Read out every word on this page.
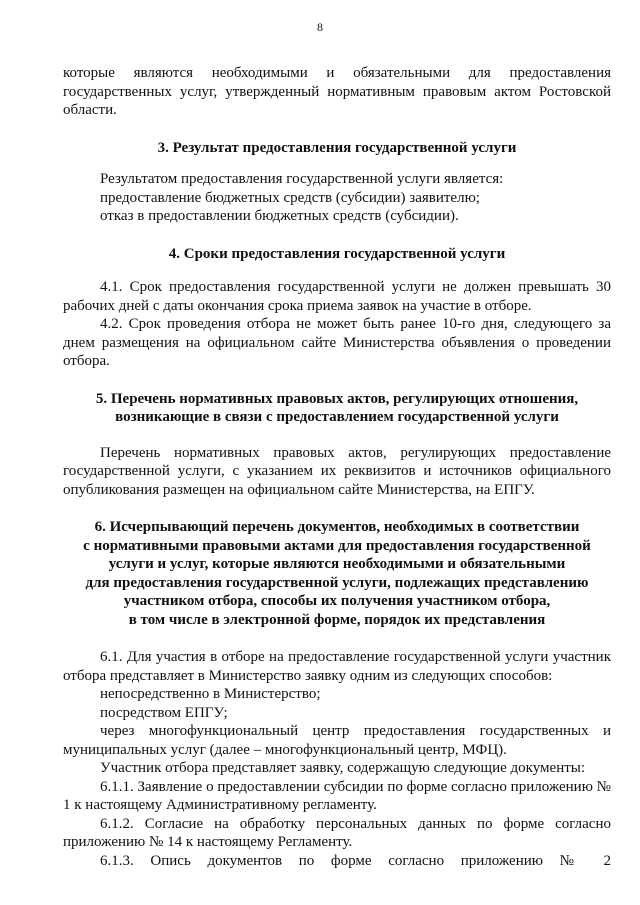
8

которые являются необходимыми и обязательными для предоставления государственных услуг, утвержденный нормативным правовым актом Ростовской области.

3. Результат предоставления государственной услуги

Результатом предоставления государственной услуги является:

предоставление бюджетных средств (субсидии) заявителю;

отказ в предоставлении бюджетных средств (субсидии).

4. Сроки предоставления государственной услуги

4.1. Срок предоставления государственной услуги не должен превышать 30 рабочих дней с даты окончания срока приема заявок на участие в отборе.

4.2. Срок проведения отбора не может быть ранее 10-го дня, следующего за днем размещения на официальном сайте Министерства объявления о проведении отбора.

5. Перечень нормативных правовых актов, регулирующих отношения,

возникающие в связи с предоставлением государственной услуги

Перечень нормативных правовых актов, регулирующих предоставление государственной услуги, с указанием их реквизитов и источников официального опубликования размещен на официальном сайте Министерства, на ЕПГУ.

6. Исчерпывающий перечень документов, необходимых в соответствии

с нормативными правовыми актами для предоставления государственной

услуги и услуг, которые являются необходимыми и обязательными

для предоставления государственной услуги, подлежащих представлению

участником отбора, способы их получения участником отбора,

в том числе в электронной форме, порядок их представления

6.1. Для участия в отборе на предоставление государственной услуги участник отбора представляет в Министерство заявку одним из следующих способов:

непосредственно в Министерство;

посредством ЕПГУ;

через многофункциональный центр предоставления государственных и муниципальных услуг (далее – многофункциональный центр, МФЦ).

Участник отбора представляет заявку, содержащую следующие документы:

6.1.1. Заявление о предоставлении субсидии по форме согласно приложению № 1 к настоящему Административному регламенту.

6.1.2. Согласие на обработку персональных данных по форме согласно приложению № 14 к настоящему Регламенту.

6.1.3. Опись документов по форме согласно приложению № 2
